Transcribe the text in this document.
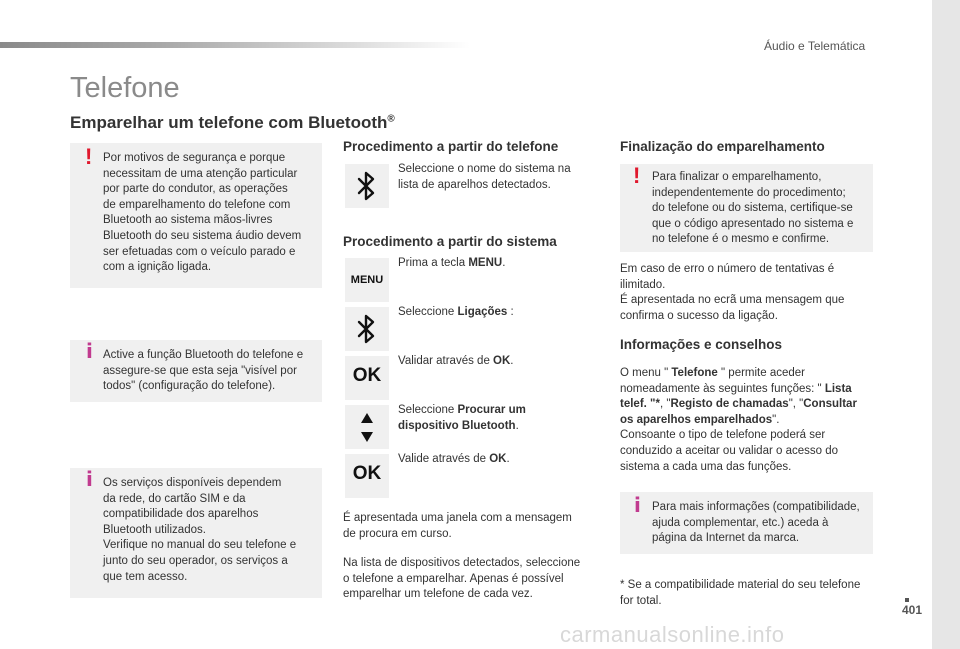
Áudio e Telemática
Telefone
Emparelhar um telefone com Bluetooth®
! Por motivos de segurança e porque
necessitam de uma atenção particular
por parte do condutor, as operações
de emparelhamento do telefone com
Bluetooth ao sistema mãos-livres
Bluetooth do seu sistema áudio devem
ser efetuadas com o veículo parado e
com a ignição ligada.
i Active a função Bluetooth do telefone e
assegure-se que esta seja "visível por
todos" (configuração do telefone).
i Os serviços disponíveis dependem
da rede, do cartão SIM e da
compatibilidade dos aparelhos
Bluetooth utilizados.
Verifique no manual do seu telefone e
junto do seu operador, os serviços a
que tem acesso.
Procedimento a partir do telefone
Seleccione o nome do sistema na
lista de aparelhos detectados.
Procedimento a partir do sistema
MENU
Prima a tecla MENU.
Seleccione Ligações :
OK
Validar através de OK.
Seleccione Procurar um
dispositivo Bluetooth.
OK
Valide através de OK.
É apresentada uma janela com a mensagem
de procura em curso.
Na lista de dispositivos detectados, seleccione
o telefone a emparelhar. Apenas é possível
emparelhar um telefone de cada vez.
Finalização do emparelhamento
! Para finalizar o emparelhamento,
independentemente do procedimento;
do telefone ou do sistema, certifique-se
que o código apresentado no sistema e
no telefone é o mesmo e confirme.
Em caso de erro o número de tentativas é
ilimitado.
É apresentada no ecrã uma mensagem que
confirma o sucesso da ligação.
Informações e conselhos
O menu " Telefone " permite aceder
nomeadamente às seguintes funções: " Lista
telef. "*, "Registo de chamadas", "Consultar
os aparelhos emparelhados".
Consoante o tipo de telefone poderá ser
conduzido a aceitar ou validar o acesso do
sistema a cada uma das funções.
i Para mais informações (compatibilidade,
ajuda complementar, etc.) aceda à
página da Internet da marca.
* Se a compatibilidade material do seu telefone
for total.
401
carmanualsonline.info
